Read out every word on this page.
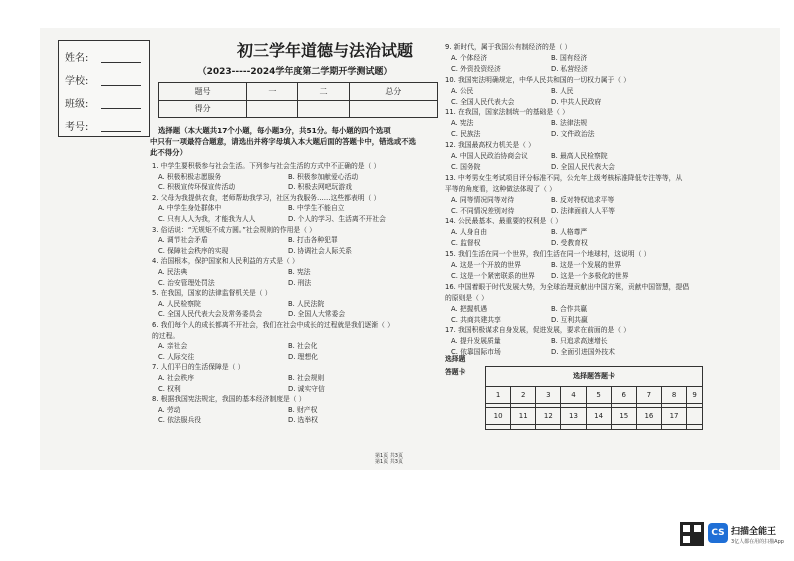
姓名:
学校:
班级:
考号:
初三学年道德与法治试题
（2023-----2024学年度第二学期开学测试题）
题号	一	二	总分
得分			
选择题（本大题共17个小题，每小题3分，共51分。每小题的四个选项
中只有一项最符合题意，请选出并将字母填入本大题后面的答题卡中，错选或不选
此不得分）
1. 中学生要积极参与社会生活。下列参与社会生活的方式中不正确的是（ ）
A. 积极积极志愿服务	B. 积极参加献爱心活动
C. 积极宣传环保宣传活动	D. 积极去网吧玩游戏
2. 父母为我提供衣食，老师帮助我学习，社区为我服务……这些都表明（ ）
A. 中学生身处群体中	B. 中学生不能自立
C. 只有人人为我，才能我为人人	D. 个人的学习、生活离不开社会
3. 俗话说：“无规矩不成方圆。”社会规则的作用是（ ）
A. 调节社会矛盾	B. 打击各种犯罪
C. 保障社会秩序的实现	D. 协调社会人际关系
4. 治国根本，保护国家和人民利益的方式是（ ）
A. 民法典	B. 宪法
C. 治安管理处罚法	D. 刑法
5. 在我国，国家的法律监督机关是（ ）
A. 人民检察院	B. 人民法院
C. 全国人民代表大会及常务委员会	D. 全国人大常委会
6. 我们每个人的成长都离不开社会，我们在社会中成长的过程就是我们逐渐（ ）
的过程。
A. 亲社会	B. 社会化
C. 人际交往	D. 理想化
7. 人们平日的生活保障是（ ）
A. 社会秩序	B. 社会规则
C. 权利	D. 诚实守信
8. 根据我国宪法规定，我国的基本经济制度是（ ）
A. 劳动	B. 财产权
C. 依法服兵役	D. 选举权
9. 新时代，属于我国公有制经济的是（ ）
A. 个体经济	B. 国有经济
C. 外资投资经济	D. 私营经济
10. 我国宪法明确规定，中华人民共和国的一切权力属于（ ）
A. 公民	B. 人民
C. 全国人民代表大会	D. 中共人民政府
11. 在我国，国家法制统一的基础是（ ）
A. 宪法	B. 法律法规
C. 民族法	D. 文件政治法
12. 我国最高权力机关是（ ）
A. 中国人民政治协商会议	B. 最高人民检察院
C. 国务院	D. 全国人民代表大会
13. 中考男女生考试项目评分标准不同，公允年上级考核标准降低专注等等，从
平等的角度看，这种做法体现了（ ）
A. 同等情况同等对待	B. 反对特权追求平等
C. 不同情况差别对待	D. 法律面前人人平等
14. 公民最基本、最重要的权利是（ ）
A. 人身自由	B. 人格尊严
C. 监督权	D. 受教育权
15. 我们生活在同一个世界，我们生活在同一个地球村，这说明（ ）
A. 这是一个开放的世界	B. 这是一个发展的世界
C. 这是一个紧密联系的世界 D. 这是一个多极化的世界
16. 中国着眼于时代发展大势，为全球治理贡献出中国方案，贡献中国智慧，提倡
的原则是（ ）
A. 把握机遇	B. 合作共赢
C. 共商共建共享	D. 互利共赢
17. 我国积极谋求自身发展，促进发展，要求在前面的是（ ）
A. 提升发展质量	B. 只追求高速增长
C. 依靠国际市场	D. 全面引进国外技术
选择题
答题卡
选择题答题卡								
1	2	3	4	5	6	7	8	9

10	11	12	13	14	15	16	17	

第1页 共3页
第1页 共3页
CS 扫描全能王
3亿人都在用的扫描App
